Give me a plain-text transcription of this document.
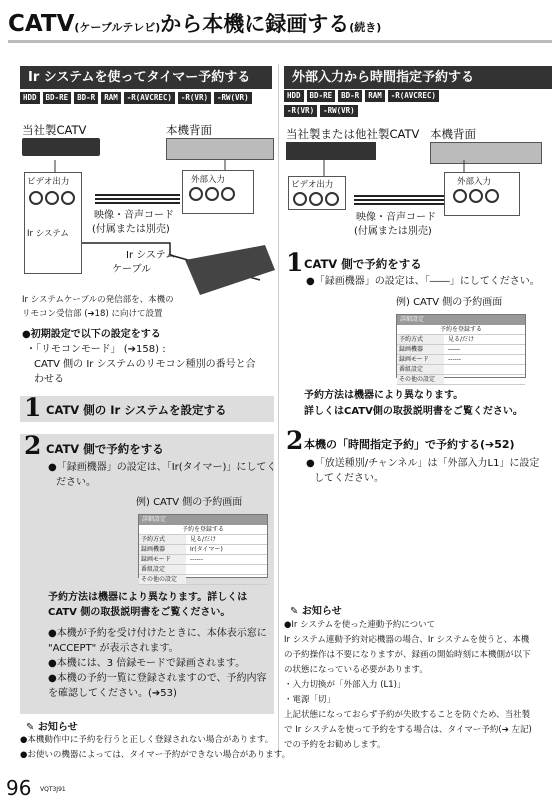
CATV(ケーブルテレビ)から本機に録画する(続き)
Ir システムを使ってタイマー予約する
HDD	BD-RE	BD-R	RAM	-R(AVCREC)	-R(VR)	-RW(VR)
当社製CATV	本機背面
ビデオ出力
Ir システム
外部入力
映像・音声コード
(付属または別売)
Ir システム
ケーブル
Ir システムケーブルの発信部を、本機の
リモコン受信部 (➔18) に向けて設置
●初期設定で以下の設定をする
・「リモコンモード」 (➔158) :
CATV 側の Ir システムのリモコン種別の番号と合
わせる
1 CATV 側の Ir システムを設定する
2 CATV 側で予約をする
●「録画機器」の設定は、「Ir(タイマー)」にしてく
ださい。
例) CATV 側の予約画面
詳細設定
予約を登録する
予約方式	見る/だけ
録画機器	Ir(タイマー)
録画モード	------
番組設定
その他の設定
予約方法は機器により異なります。詳しくは
CATV 側の取扱説明書をご覧ください。
●本機が予約を受け付けたときに、本体表示窓に
"ACCEPT" が表示されます。
●本機には、3 倍録モードで録画されます。
●本機の予約一覧に登録されますので、予約内容
を確認してください。(➔53)
✎ お知らせ
●本機動作中に予約を行うと正しく登録されない場合があります。
●お使いの機器によっては、タイマー予約ができない場合があります。
外部入力から時間指定予約する
HDD	BD-RE	BD-R	RAM	-R(AVCREC)
-R(VR)	-RW(VR)
当社製または他社製CATV 本機背面
ビデオ出力	外部入力
映像・音声コード
(付属または別売)
1 CATV 側で予約をする
●「録画機器」の設定は、「――」にしてください。
例) CATV 側の予約画面
詳細設定
予約を登録する
予約方式	見る/だけ
録画機器	――
録画モード	------
番組設定
その他の設定
予約方法は機器により異なります。
詳しくはCATV側の取扱説明書をご覧ください。
2 本機の「時間指定予約」で予約する(➔52)
●「放送種別/チャンネル」は「外部入力L1」に設定
してください。
✎ お知らせ
●Ir システムを使った連動予約について
Ir システム連動予約対応機器の場合、Ir システムを使うと、本機
の予約操作は不要になりますが、録画の開始時刻に本機側が以下
の状態になっている必要があります。
・入力切換が「外部入力 (L1)」
・電源「切」
上記状態になっておらず予約が失敗することを防ぐため、当社製
で Ir システムを使って予約をする場合は、タイマー予約(➔ 左記)
での予約をお勧めします。
96 VQT3J91
